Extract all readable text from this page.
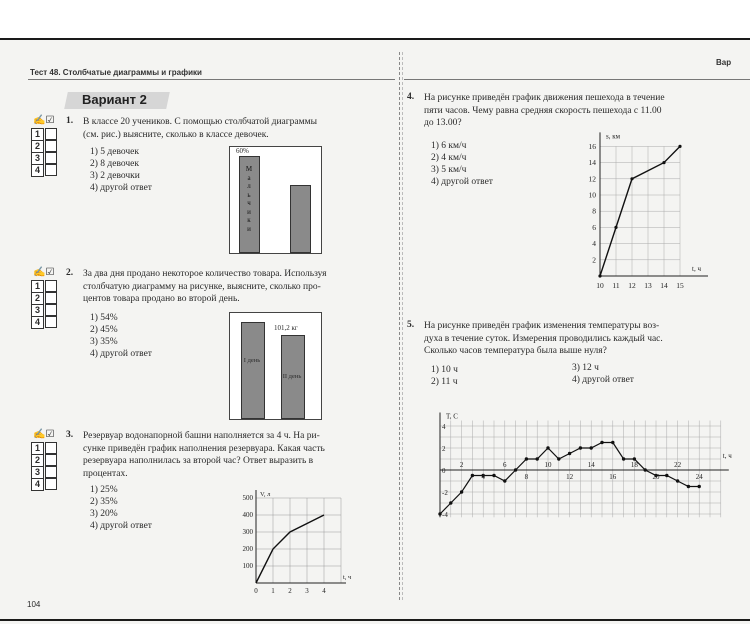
Тест 48. Столбчатые диаграммы и графики
Вар
104
Вариант 2
✍☑
1
2
3
4
✍☑
1
2
3
4
✍☑
1
2
3
4
1. В классе 20 учеников. С помощью столбчатой диаграммы
(см. рис.) выясните, сколько в классе девочек.
1) 5 девочек
2) 8 девочек
3) 2 девочки
4) другой ответ
60%
М
а
л
ь
ч
и
к
и
2. За два дня продано некоторое количество товара. Используя
столбчатую диаграмму на рисунке, выясните, сколько про-
центов товара продано во второй день.
1) 54%
2) 45%
3) 35%
4) другой ответ
101,2 кг
I день
II день
3. Резервуар водонапорной башни наполняется за 4 ч. На ри-
сунке приведён график наполнения резервуара. Какая часть
резервуара наполнилась за второй час? Ответ выразить в
процентах.
1) 25%
2) 35%
3) 20%
4) другой ответ
0 1 2 3 4
100
200
300
400
500
t, ч
V, л
4. На рисунке приведён график движения пешехода в течение
пяти часов. Чему равна средняя скорость пешехода с 11.00
до 13.00?
1) 6 км/ч
2) 4 км/ч
3) 5 км/ч
4) другой ответ
10 11 12 13 14 15
2
4
6
8
10
12
14
16
t, ч
s, км
5. На рисунке приведён график изменения температуры воз-
духа в течение суток. Измерения проводились каждый час.
Сколько часов температура была выше нуля?
1) 10 ч
2) 11 ч
3) 12 ч
4) другой ответ
2
4
6
8
10
12
14
16
18
20
22
24
4
2
0
-2
-4
t, ч
T, C
